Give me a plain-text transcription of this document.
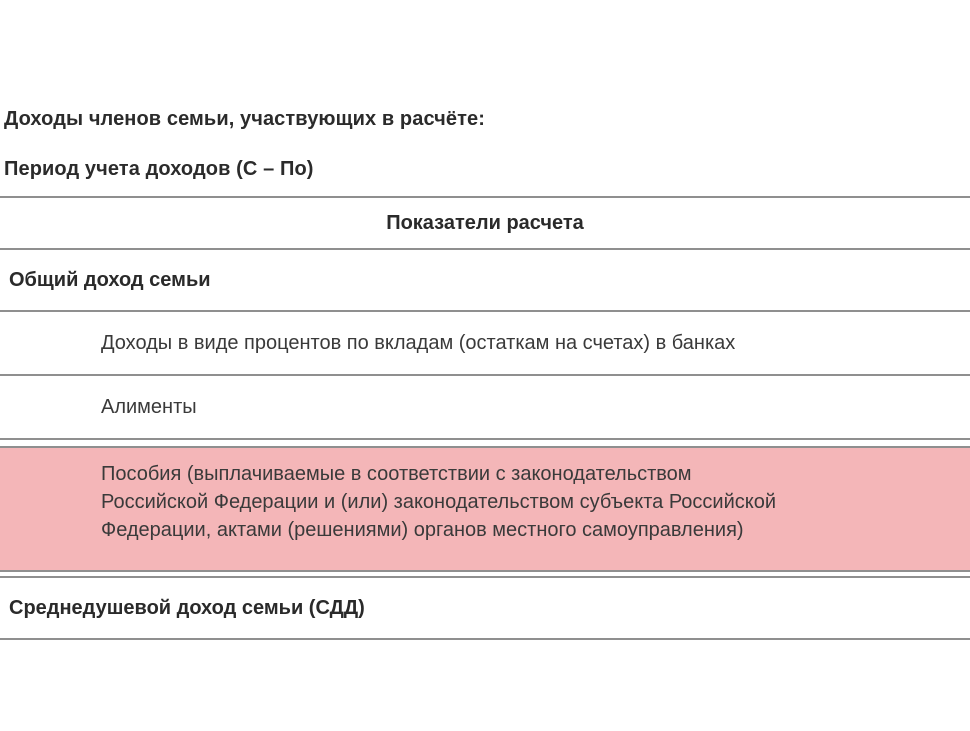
Доходы членов семьи, участвующих в расчёте:
Период учета доходов (С – По)
Показатели расчета
Общий доход семьи
Доходы в виде процентов по вкладам (остаткам на счетах) в банках
Алименты
Пособия (выплачиваемые в соответствии с законодательством
Российской Федерации и (или) законодательством субъекта Российской
Федерации, актами (решениями) органов местного самоуправления)
Среднедушевой доход семьи (СДД)
